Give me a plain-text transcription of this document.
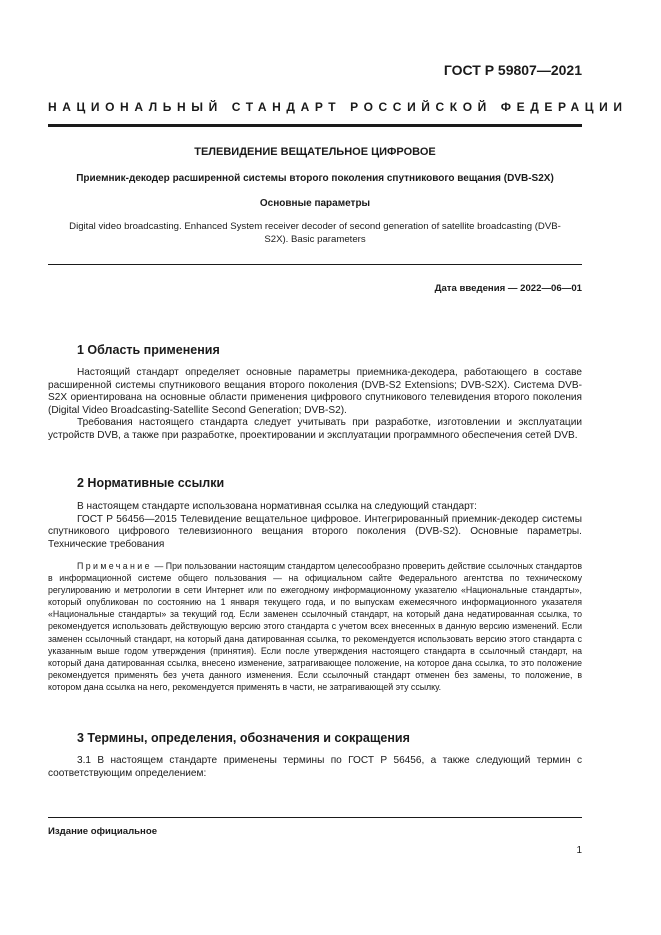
ГОСТ Р 59807—2021
НАЦИОНАЛЬНЫЙ СТАНДАРТ РОССИЙСКОЙ ФЕДЕРАЦИИ
ТЕЛЕВИДЕНИЕ ВЕЩАТЕЛЬНОЕ ЦИФРОВОЕ
Приемник-декодер расширенной системы второго поколения спутникового вещания (DVB-S2X)
Основные параметры
Digital video broadcasting. Enhanced System receiver decoder of second generation of satellite broadcasting (DVB-S2X). Basic parameters
Дата введения — 2022—06—01
1 Область применения

Настоящий стандарт определяет основные параметры приемника-декодера, работающего в составе расширенной системы спутникового вещания второго поколения (DVB-S2 Extensions; DVB-S2X). Система DVB-S2X ориентирована на основные области применения цифрового спутникового телевидения второго поколения (Digital Video Broadcasting-Satellite Second Generation; DVB-S2).

Требования настоящего стандарта следует учитывать при разработке, изготовлении и эксплуатации устройств DVB, а также при разработке, проектировании и эксплуатации программного обеспечения сетей DVB.

2 Нормативные ссылки

В настоящем стандарте использована нормативная ссылка на следующий стандарт:

ГОСТ Р 56456—2015 Телевидение вещательное цифровое. Интегрированный приемник-декодер системы спутникового цифрового телевизионного вещания второго поколения (DVB-S2). Основные параметры. Технические требования

Примечание — При пользовании настоящим стандартом целесообразно проверить действие ссылочных стандартов в информационной системе общего пользования — на официальном сайте Федерального агентства по техническому регулированию и метрологии в сети Интернет или по ежегодному информационному указателю «Национальные стандарты», который опубликован по состоянию на 1 января текущего года, и по выпускам ежемесячного информационного указателя «Национальные стандарты» за текущий год. Если заменен ссылочный стандарт, на который дана недатированная ссылка, то рекомендуется использовать действующую версию этого стандарта с учетом всех внесенных в данную версию изменений. Если заменен ссылочный стандарт, на который дана датированная ссылка, то рекомендуется использовать версию этого стандарта с указанным выше годом утверждения (принятия). Если после утверждения настоящего стандарта в ссылочный стандарт, на который дана датированная ссылка, внесено изменение, затрагивающее положение, на которое дана ссылка, то это положение рекомендуется применять без учета данного изменения. Если ссылочный стандарт отменен без замены, то положение, в котором дана ссылка на него, рекомендуется применять в части, не затрагивающей эту ссылку.

3 Термины, определения, обозначения и сокращения

3.1 В настоящем стандарте применены термины по ГОСТ Р 56456, а также следующий термин с соответствующим определением:

Издание официальное
1
